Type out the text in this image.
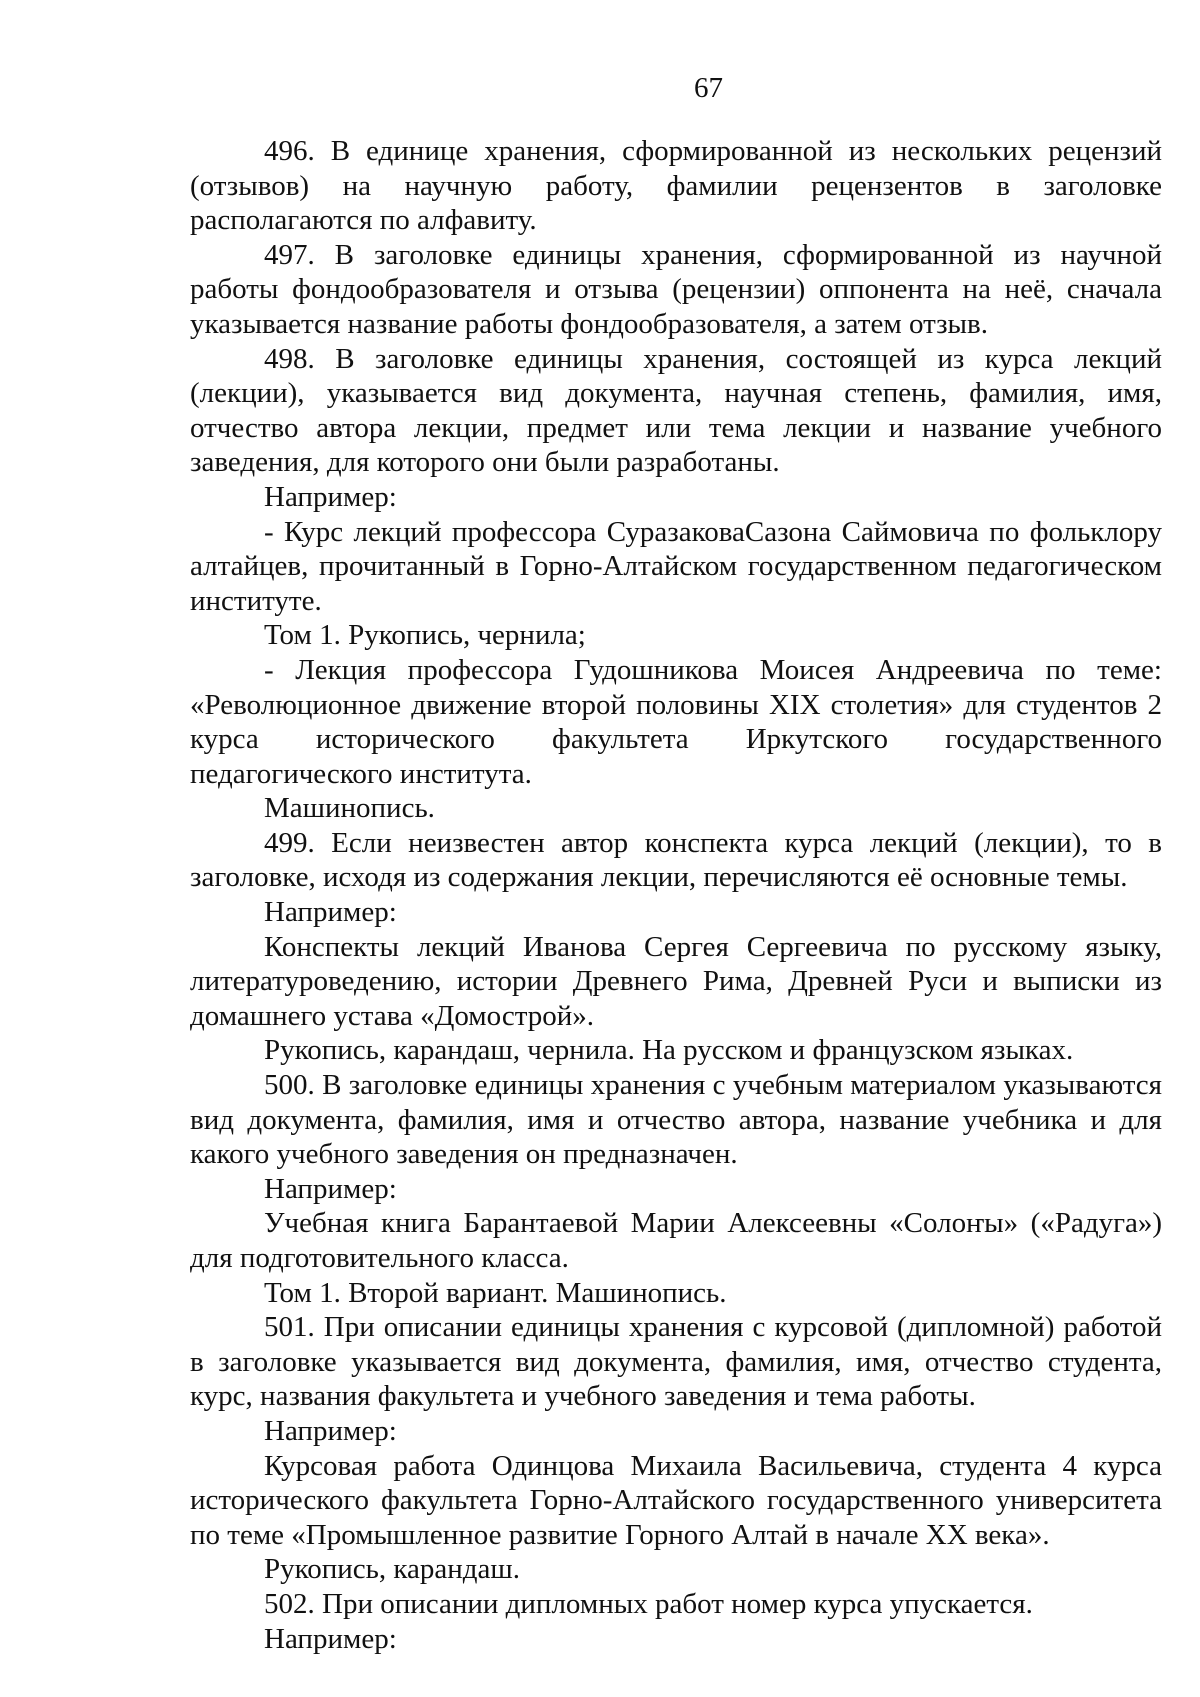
67

496. В единице хранения, сформированной из нескольких рецензий (отзывов) на научную работу, фамилии рецензентов в заголовке располагаются по алфавиту.

497. В заголовке единицы хранения, сформированной из научной работы фондообразователя и отзыва (рецензии) оппонента на неё, сначала указывается название работы фондообразователя, а затем отзыв.

498. В заголовке единицы хранения, состоящей из курса лекций (лекции), указывается вид документа, научная степень, фамилия, имя, отчество автора лекции, предмет или тема лекции и название учебного заведения, для которого они были разработаны.

Например:

- Курс лекций профессора СуразаковаСазона Саймовича по фольклору алтайцев, прочитанный в Горно-Алтайском государственном педагогическом институте.

Том 1. Рукопись, чернила;

- Лекция профессора Гудошникова Моисея Андреевича по теме: «Революционное движение второй половины XIX столетия» для студентов 2 курса исторического факультета Иркутского государственного педагогического института.

Машинопись.

499. Если неизвестен автор конспекта курса лекций (лекции), то в заголовке, исходя из содержания лекции, перечисляются её основные темы.

Например:

Конспекты лекций Иванова Сергея Сергеевича по русскому языку, литературоведению, истории Древнего Рима, Древней Руси и выписки из домашнего устава «Домострой».

Рукопись, карандаш, чернила. На русском и французском языках.

500. В заголовке единицы хранения с учебным материалом указываются вид документа, фамилия, имя и отчество автора, название учебника и для какого учебного заведения он предназначен.

Например:

Учебная книга Барантаевой Марии Алексеевны «Солоҥы» («Радуга») для подготовительного класса.

Том 1. Второй вариант. Машинопись.

501. При описании единицы хранения с курсовой (дипломной) работой в заголовке указывается вид документа, фамилия, имя, отчество студента, курс, названия факультета и учебного заведения и тема работы.

Например:

Курсовая работа Одинцова Михаила Васильевича, студента 4 курса исторического факультета Горно-Алтайского государственного университета по теме «Промышленное развитие Горного Алтай в начале XX века».

Рукопись, карандаш.

502. При описании дипломных работ номер курса упускается.

Например:
